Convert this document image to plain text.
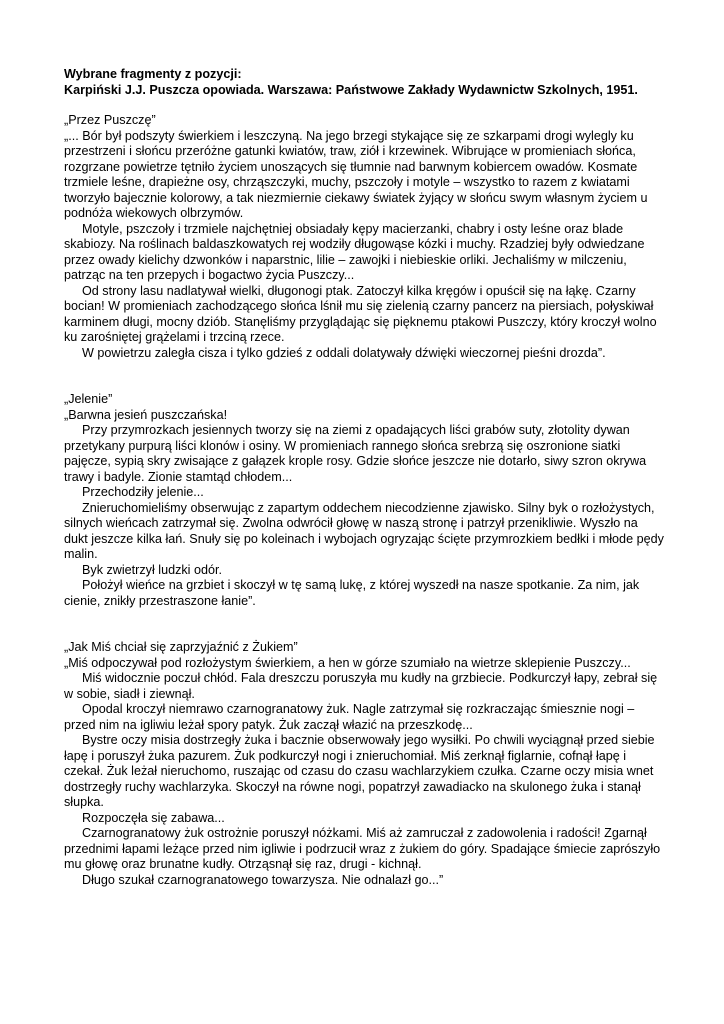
Wybrane fragmenty z pozycji:

Karpiński J.J. Puszcza opowiada. Warszawa: Państwowe Zakłady Wydawnictw Szkolnych, 1951.

„Przez Puszczę”

„... Bór był podszyty świerkiem i leszczyną. Na jego brzegi stykające się ze szkarpami drogi wylegly ku przestrzeni i słońcu przeróżne gatunki kwiatów, traw, ziół i krzewinek. Wibrujące w promieniach słońca, rozgrzane powietrze tętniło życiem unoszących się tłumnie nad barwnym kobiercem owadów. Kosmate trzmiele leśne, drapieżne osy, chrząszczyki, muchy, pszczoły i motyle – wszystko to razem z kwiatami tworzyło bajecznie kolorowy, a tak niezmiernie ciekawy światek żyjący w słońcu swym własnym życiem u podnóża wiekowych olbrzymów.

Motyle, pszczoły i trzmiele najchętniej obsiadały kępy macierzanki, chabry i osty leśne oraz blade skabiozy. Na roślinach baldaszkowatych rej wodziły długowąse kózki i muchy. Rzadziej były odwiedzane przez owady kielichy dzwonków i naparstnic, lilie – zawojki i niebieskie orliki. Jechaliśmy w milczeniu, patrząc na ten przepych i bogactwo życia Puszczy...

Od strony lasu nadlatywał wielki, długonogi ptak. Zatoczył kilka kręgów i opuścił się na łąkę. Czarny bocian! W promieniach zachodzącego słońca lśnił mu się zielenią czarny pancerz na piersiach, połyskiwał karminem długi, mocny dziób. Stanęliśmy przyglądając się pięknemu ptakowi Puszczy, który kroczył wolno ku zarośniętej grążelami i trzciną rzece.

W powietrzu zaległa cisza i tylko gdzieś z oddali dolatywały dźwięki wieczornej pieśni drozda”.

„Jelenie”

„Barwna jesień puszczańska!

Przy przymrozkach jesiennych tworzy się na ziemi z opadających liści grabów suty, złotolity dywan przetykany purpurą liści klonów i osiny. W promieniach rannego słońca srebrzą się oszronione siatki pajęcze, sypią skry zwisające z gałązek krople rosy. Gdzie słońce jeszcze nie dotarło, siwy szron okrywa trawy i badyle. Zionie stamtąd chłodem...

Przechodziły jelenie...

Znieruchomieliśmy obserwując z zapartym oddechem niecodzienne zjawisko. Silny byk o rozłożystych, silnych wieńcach zatrzymał się. Zwolna odwrócił głowę w naszą stronę i patrzył przenikliwie. Wyszło na dukt jeszcze kilka łań. Snuły się po koleinach i wybojach ogryzając ścięte przymrozkiem bedłki i młode pędy malin.

Byk zwietrzył ludzki odór.

Położył wieńce na grzbiet i skoczył w tę samą lukę, z której wyszedł na nasze spotkanie. Za nim, jak cienie, znikły przestraszone łanie”.

„Jak Miś chciał się zaprzyjaźnić z Żukiem”

„Miś odpoczywał pod rozłożystym świerkiem, a hen w górze szumiało na wietrze sklepienie Puszczy...

Miś widocznie poczuł chłód. Fala dreszczu poruszyła mu kudły na grzbiecie. Podkurczył łapy, zebrał się w sobie, siadł i ziewnął.

Opodal kroczył niemrawo czarnogranatowy żuk. Nagle zatrzymał się rozkraczając śmiesznie nogi – przed nim na igliwiu leżał spory patyk. Żuk zaczął włazić na przeszkodę...

Bystre oczy misia dostrzegły żuka i bacznie obserwowały jego wysiłki. Po chwili wyciągnął przed siebie łapę i poruszył żuka pazurem. Żuk podkurczył nogi i znieruchomiał. Miś zerknął figlarnie, cofnął łapę i czekał. Żuk leżał nieruchomo, ruszając od czasu do czasu wachlarzykiem czułka. Czarne oczy misia wnet dostrzegły ruchy wachlarzyka. Skoczył na równe nogi, popatrzył zawadiacko na skulonego żuka i stanął słupka.

Rozpoczęła się zabawa...

Czarnogranatowy żuk ostrożnie poruszył nóżkami. Miś aż zamruczał z zadowolenia i radości! Zgarnął przednimi łapami leżące przed nim igliwie i podrzucił wraz z żukiem do góry. Spadające śmiecie zaprószyło mu głowę oraz brunatne kudły. Otrząsnął się raz, drugi - kichnął.

Długo szukał czarnogranatowego towarzysza. Nie odnalazł go...”
